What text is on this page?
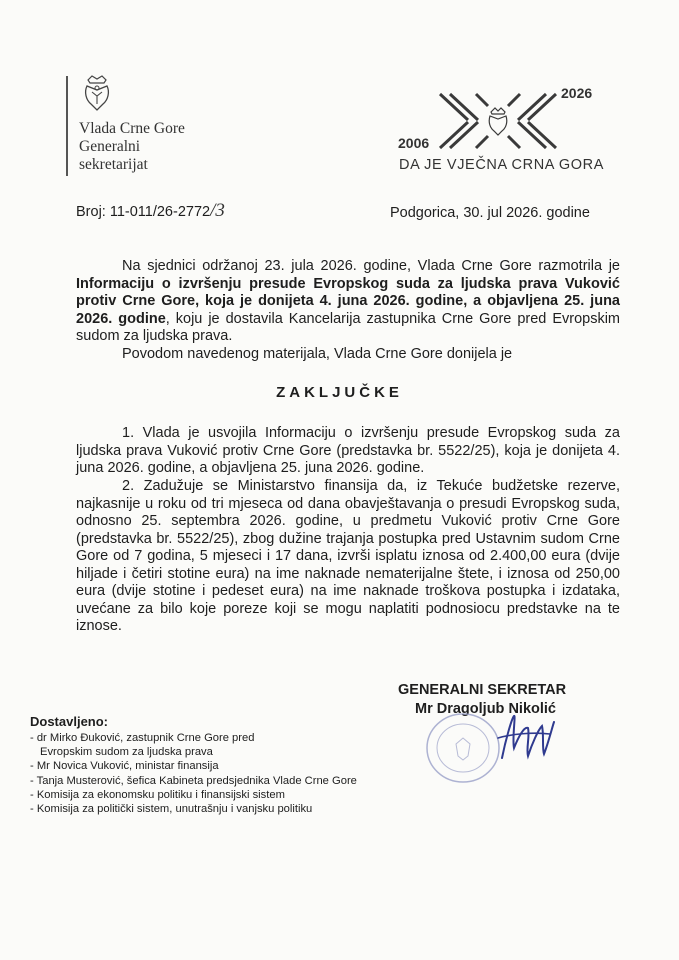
Vlada Crne Gore
Generalni
sekretarijat
2026
2006
DA JE VJEČNA CRNA GORA
Broj: 11-011/26-2772/3	Podgorica, 30. jul 2026. godine
Na sjednici održanoj 23. jula 2026. godine, Vlada Crne Gore razmotrila je Informaciju o izvršenju presude Evropskog suda za ljudska prava Vuković protiv Crne Gore, koja je donijeta 4. juna 2026. godine, a objavljena 25. juna 2026. godine, koju je dostavila Kancelarija zastupnika Crne Gore pred Evropskim sudom za ljudska prava.
Povodom navedenog materijala, Vlada Crne Gore donijela je
ZAKLJUČKE
1. Vlada je usvojila Informaciju o izvršenju presude Evropskog suda za ljudska prava Vuković protiv Crne Gore (predstavka br. 5522/25), koja je donijeta 4. juna 2026. godine, a objavljena 25. juna 2026. godine.
2. Zadužuje se Ministarstvo finansija da, iz Tekuće budžetske rezerve, najkasnije u roku od tri mjeseca od dana obavještavanja o presudi Evropskog suda, odnosno 25. septembra 2026. godine, u predmetu Vuković protiv Crne Gore (predstavka br. 5522/25), zbog dužine trajanja postupka pred Ustavnim sudom Crne Gore od 7 godina, 5 mjeseci i 17 dana, izvrši isplatu iznosa od 2.400,00 eura (dvije hiljade i četiri stotine eura) na ime naknade nematerijalne štete, i iznosa od 250,00 eura (dvije stotine i pedeset eura) na ime naknade troškova postupka i izdataka, uvećane za bilo koje poreze koji se mogu naplatiti podnosiocu predstavke na te iznose.
GENERALNI SEKRETAR
Mr Dragoljub Nikolić
Dostavljeno:
- dr Mirko Đuković, zastupnik Crne Gore pred
Evropskim sudom za ljudska prava
- Mr Novica Vuković, ministar finansija
- Tanja Musterović, šefica Kabineta predsjednika Vlade Crne Gore
- Komisija za ekonomsku politiku i finansijski sistem
- Komisija za politički sistem, unutrašnju i vanjsku politiku
